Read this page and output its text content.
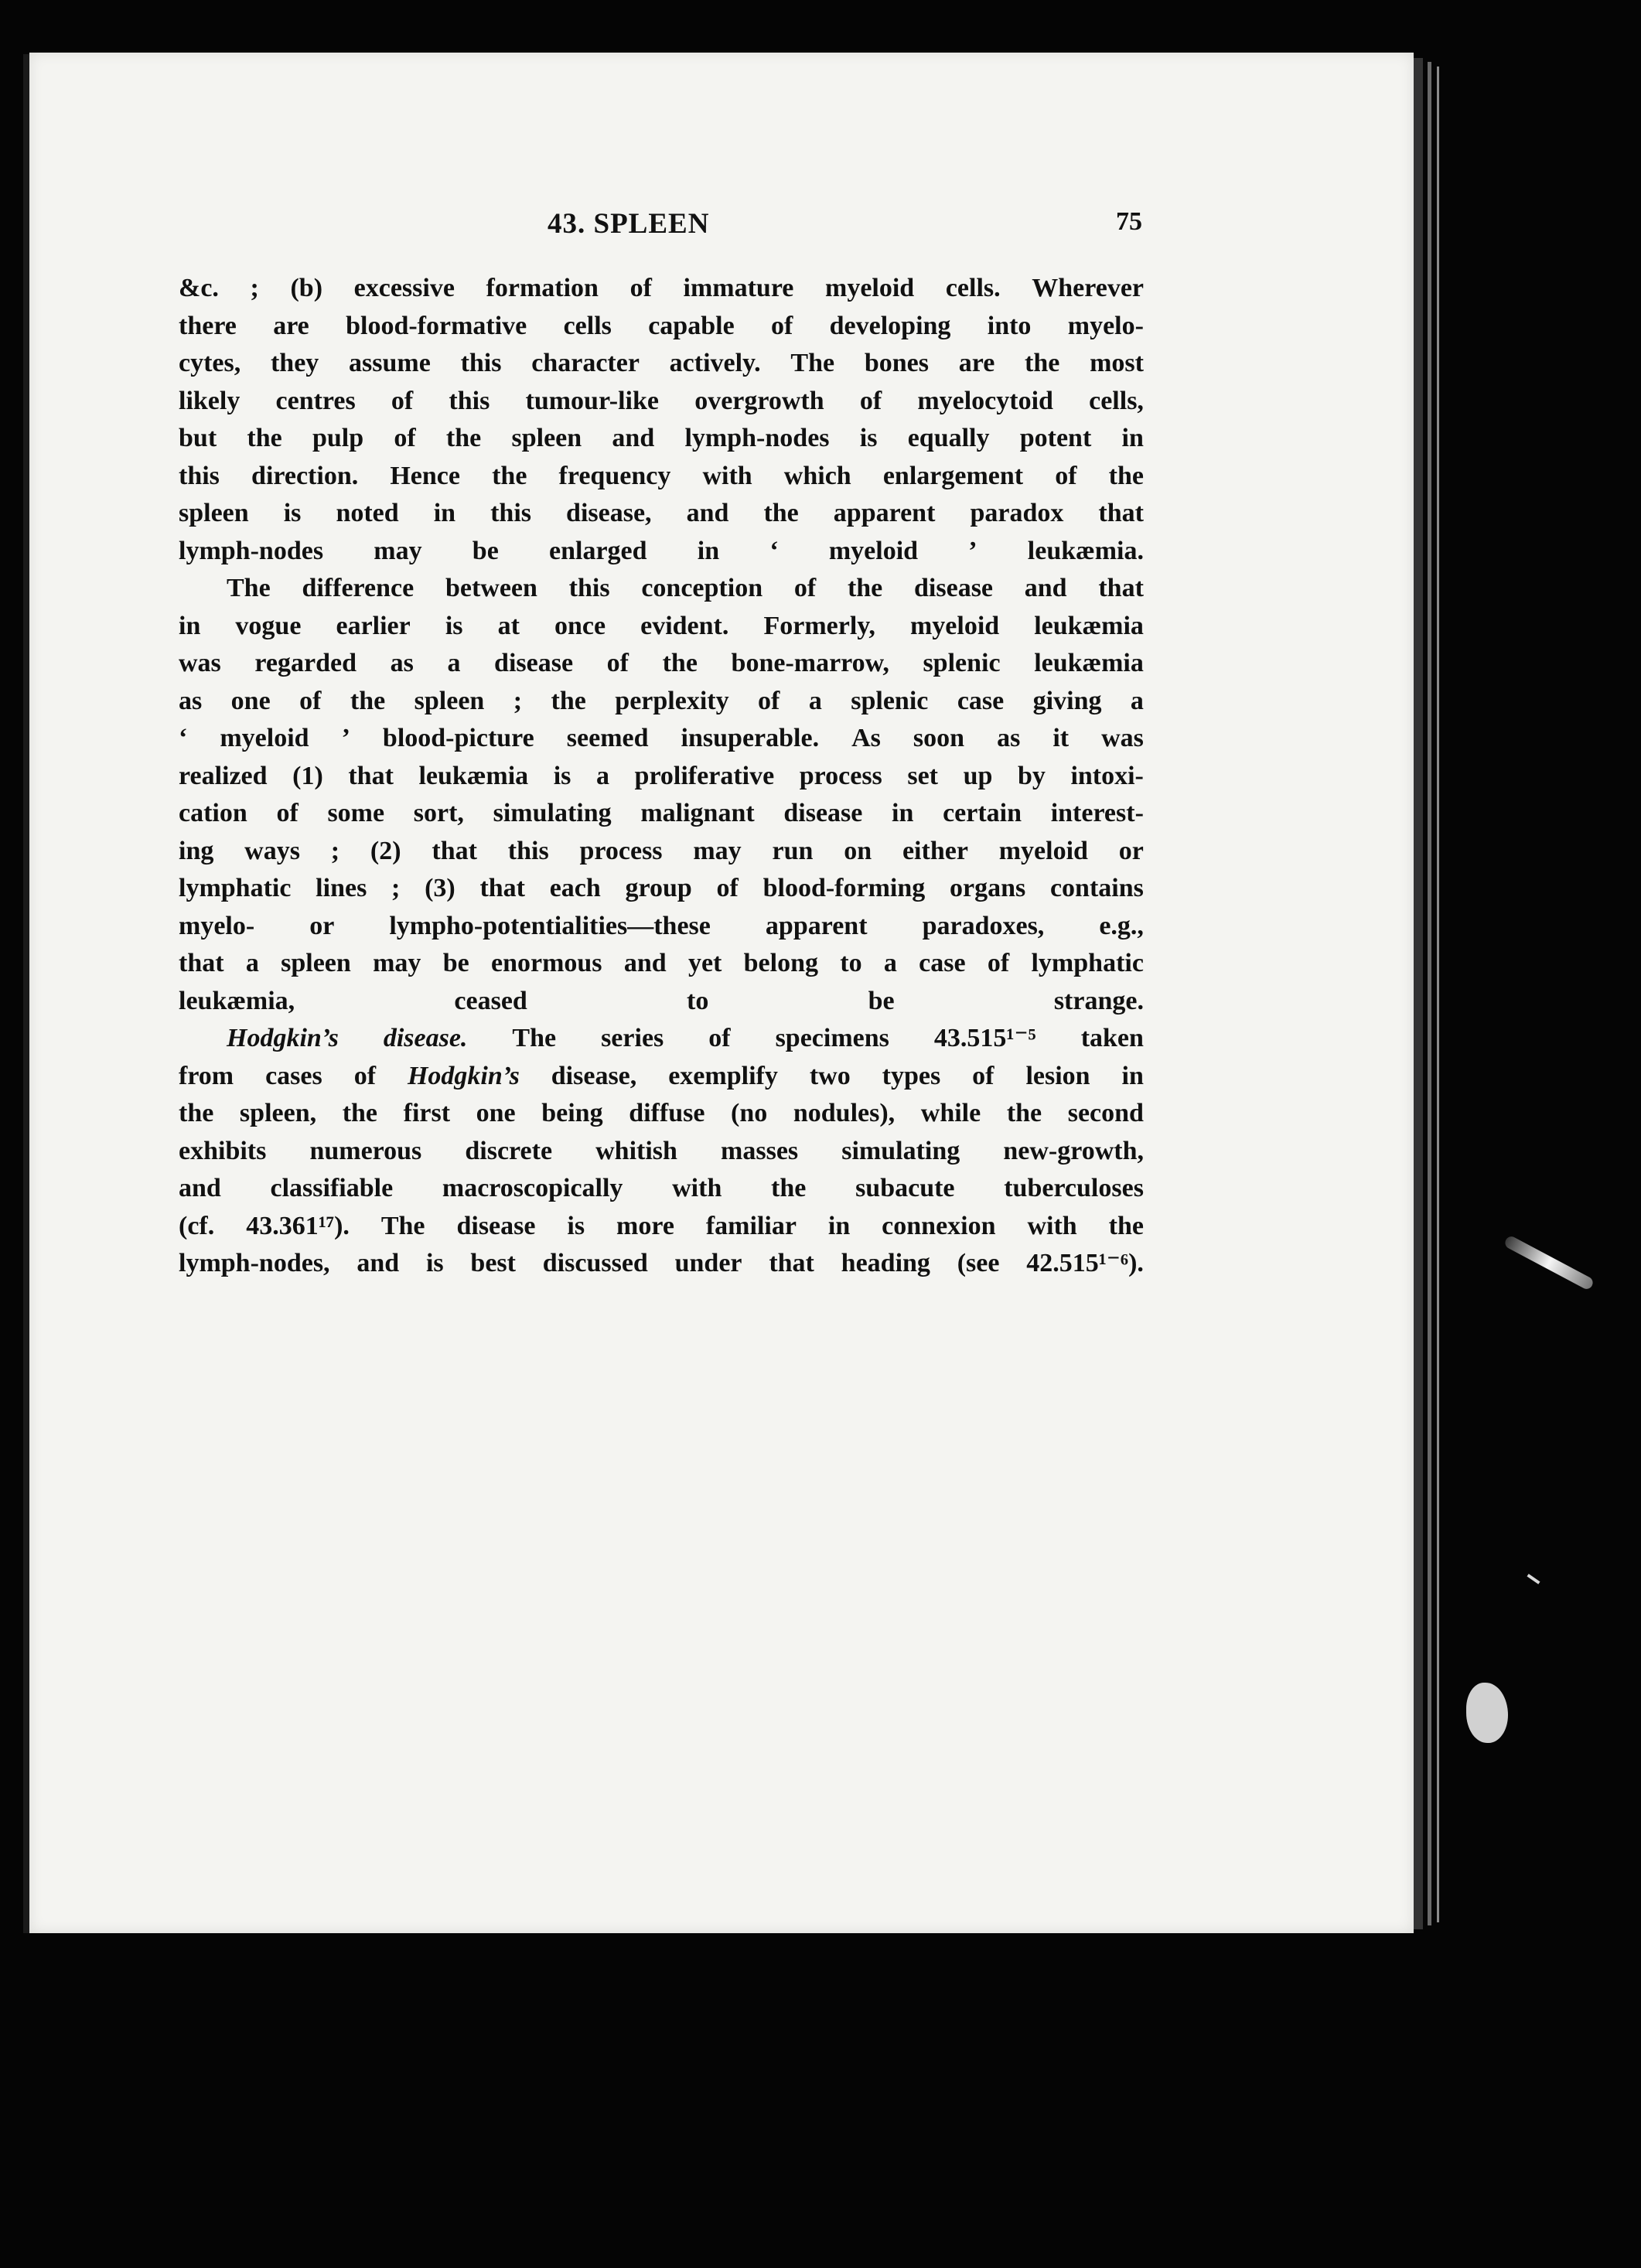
43. SPLEEN	75
&c. ; (b) excessive formation of immature myeloid cells. Wherever
there are blood-formative cells capable of developing into myelo-
cytes, they assume this character actively. The bones are the most
likely centres of this tumour-like overgrowth of myelocytoid cells,
but the pulp of the spleen and lymph-nodes is equally potent in
this direction. Hence the frequency with which enlargement of the
spleen is noted in this disease, and the apparent paradox that
lymph-nodes may be enlarged in ‘ myeloid ’ leukæmia.
The difference between this conception of the disease and that
in vogue earlier is at once evident. Formerly, myeloid leukæmia
was regarded as a disease of the bone-marrow, splenic leukæmia
as one of the spleen ; the perplexity of a splenic case giving a
‘ myeloid ’ blood-picture seemed insuperable. As soon as it was
realized (1) that leukæmia is a proliferative process set up by intoxi-
cation of some sort, simulating malignant disease in certain interest-
ing ways ; (2) that this process may run on either myeloid or
lymphatic lines ; (3) that each group of blood-forming organs contains
myelo- or lympho-potentialities—these apparent paradoxes, e.g.,
that a spleen may be enormous and yet belong to a case of lymphatic
leukæmia,	ceased	to	be	strange.
Hodgkin’s disease. The series of specimens 43.515¹⁻⁵ taken
from cases of Hodgkin’s disease, exemplify two types of lesion in
the spleen, the first one being diffuse (no nodules), while the second
exhibits numerous discrete whitish masses simulating new-growth,
and classifiable macroscopically with the subacute tuberculoses
(cf. 43.361¹⁷). The disease is more familiar in connexion with the
lymph-nodes, and is best discussed under that heading (see 42.515¹⁻⁶).
